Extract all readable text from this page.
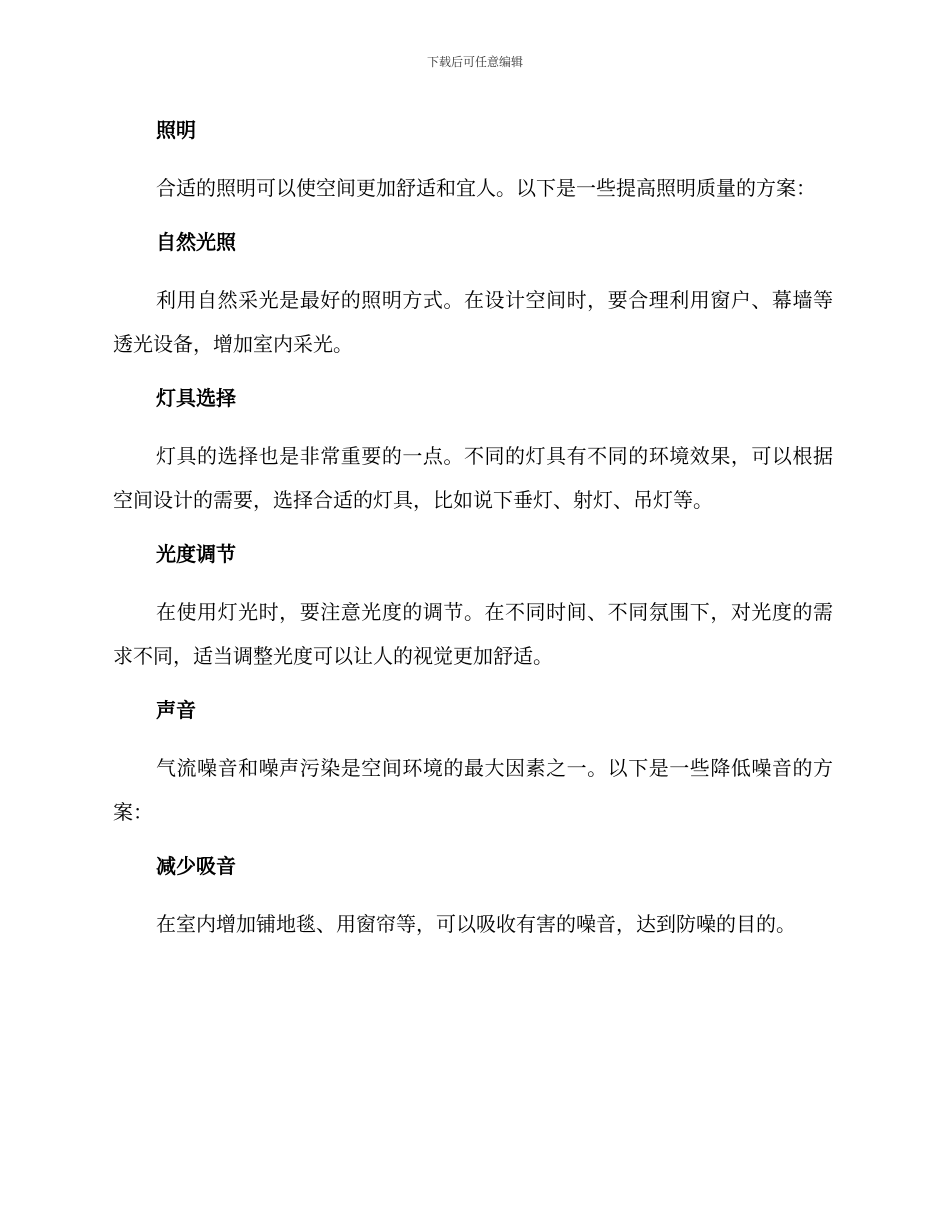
下载后可任意编辑
照明

合适的照明可以使空间更加舒适和宜人。以下是一些提高照明质量的方案：

自然光照

利用自然采光是最好的照明方式。在设计空间时，要合理利用窗户、幕墙等透光设备，增加室内采光。

灯具选择

灯具的选择也是非常重要的一点。不同的灯具有不同的环境效果，可以根据空间设计的需要，选择合适的灯具，比如说下垂灯、射灯、吊灯等。

光度调节

在使用灯光时，要注意光度的调节。在不同时间、不同氛围下，对光度的需求不同，适当调整光度可以让人的视觉更加舒适。

声音

气流噪音和噪声污染是空间环境的最大因素之一。以下是一些降低噪音的方案：

减少吸音

在室内增加铺地毯、用窗帘等，可以吸收有害的噪音，达到防噪的目的。
